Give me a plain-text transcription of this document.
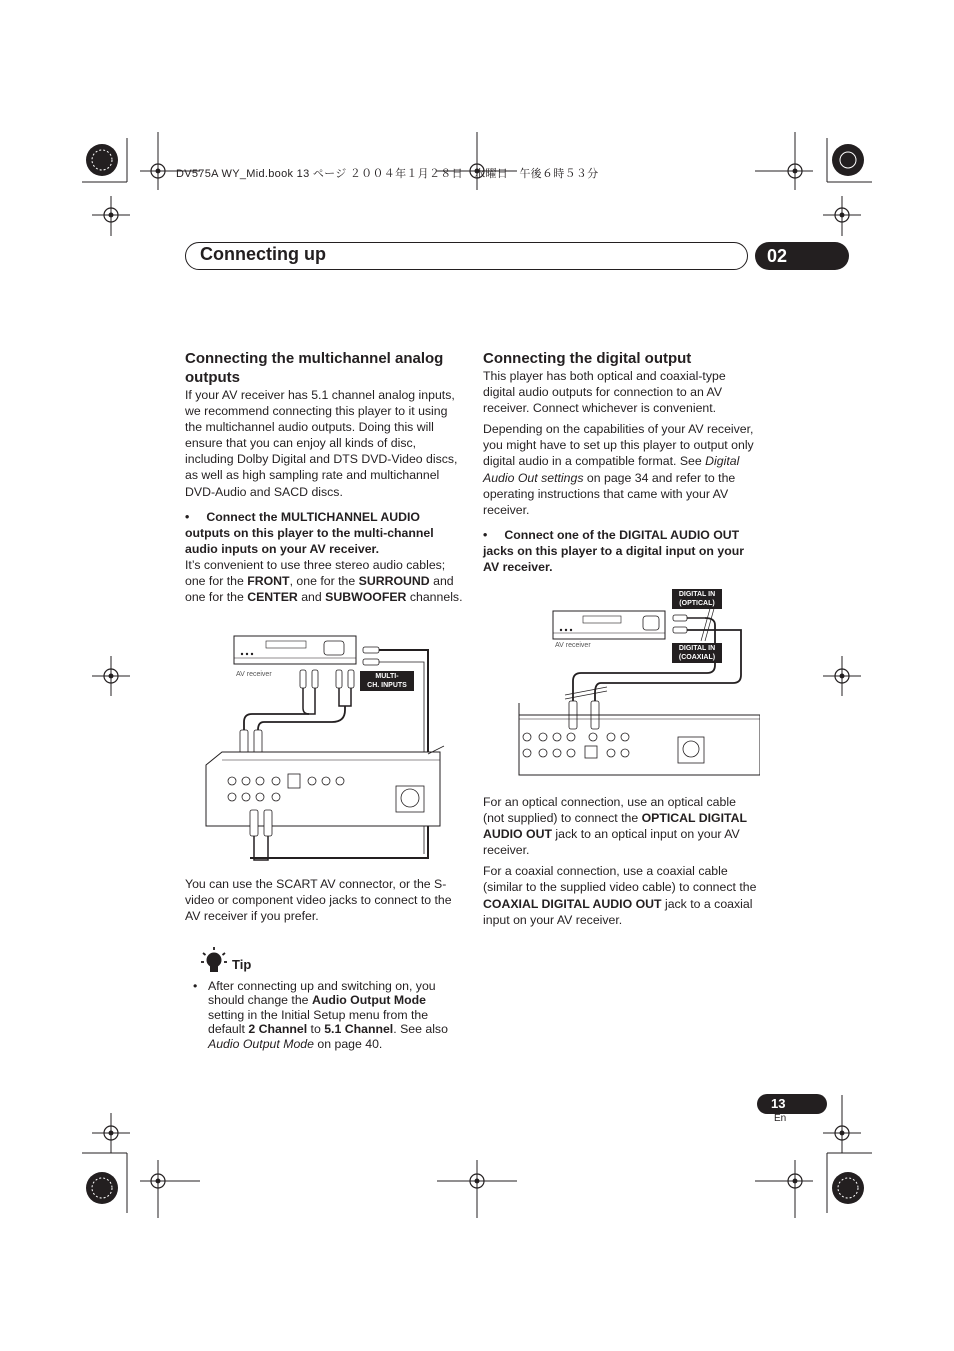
DV575A WY_Mid.book 13 ページ ２００４年１月２８日　水曜日　午後６時５３分
Connecting up	02
Connecting the multichannel analog outputs

If your AV receiver has 5.1 channel analog inputs, we recommend connecting this player to it using the multichannel audio outputs. Doing this will ensure that you can enjoy all kinds of disc, including Dolby Digital and DTS DVD-Video discs, as well as high sampling rate and multichannel DVD-Audio and SACD discs.

• Connect the MULTICHANNEL AUDIO outputs on this player to the multi-channel audio inputs on your AV receiver.

It’s convenient to use three stereo audio cables; one for the FRONT, one for the SURROUND and one for the CENTER and SUBWOOFER channels.

AV receiver	MULTI-
CH. INPUTS

You can use the SCART AV connector, or the S-video or component video jacks to connect to the AV receiver if you prefer.

Tip
• After connecting up and switching on, you should change the Audio Output Mode setting in the Initial Setup menu from the default 2 Channel to 5.1 Channel. See also Audio Output Mode on page 40.

Connecting the digital output

This player has both optical and coaxial-type digital audio outputs for connection to an AV receiver. Connect whichever is convenient.

Depending on the capabilities of your AV receiver, you might have to set up this player to output only digital audio in a compatible format. See Digital Audio Out settings on page 34 and refer to the operating instructions that came with your AV receiver.

• Connect one of the DIGITAL AUDIO OUT jacks on this player to a digital input on your AV receiver.

AV receiver
DIGITAL IN
(OPTICAL)
DIGITAL IN
(COAXIAL)

For an optical connection, use an optical cable (not supplied) to connect the OPTICAL DIGITAL AUDIO OUT jack to an optical input on your AV receiver.

For a coaxial connection, use a coaxial cable (similar to the supplied video cable) to connect the COAXIAL DIGITAL AUDIO OUT jack to a coaxial input on your AV receiver.

13
En
